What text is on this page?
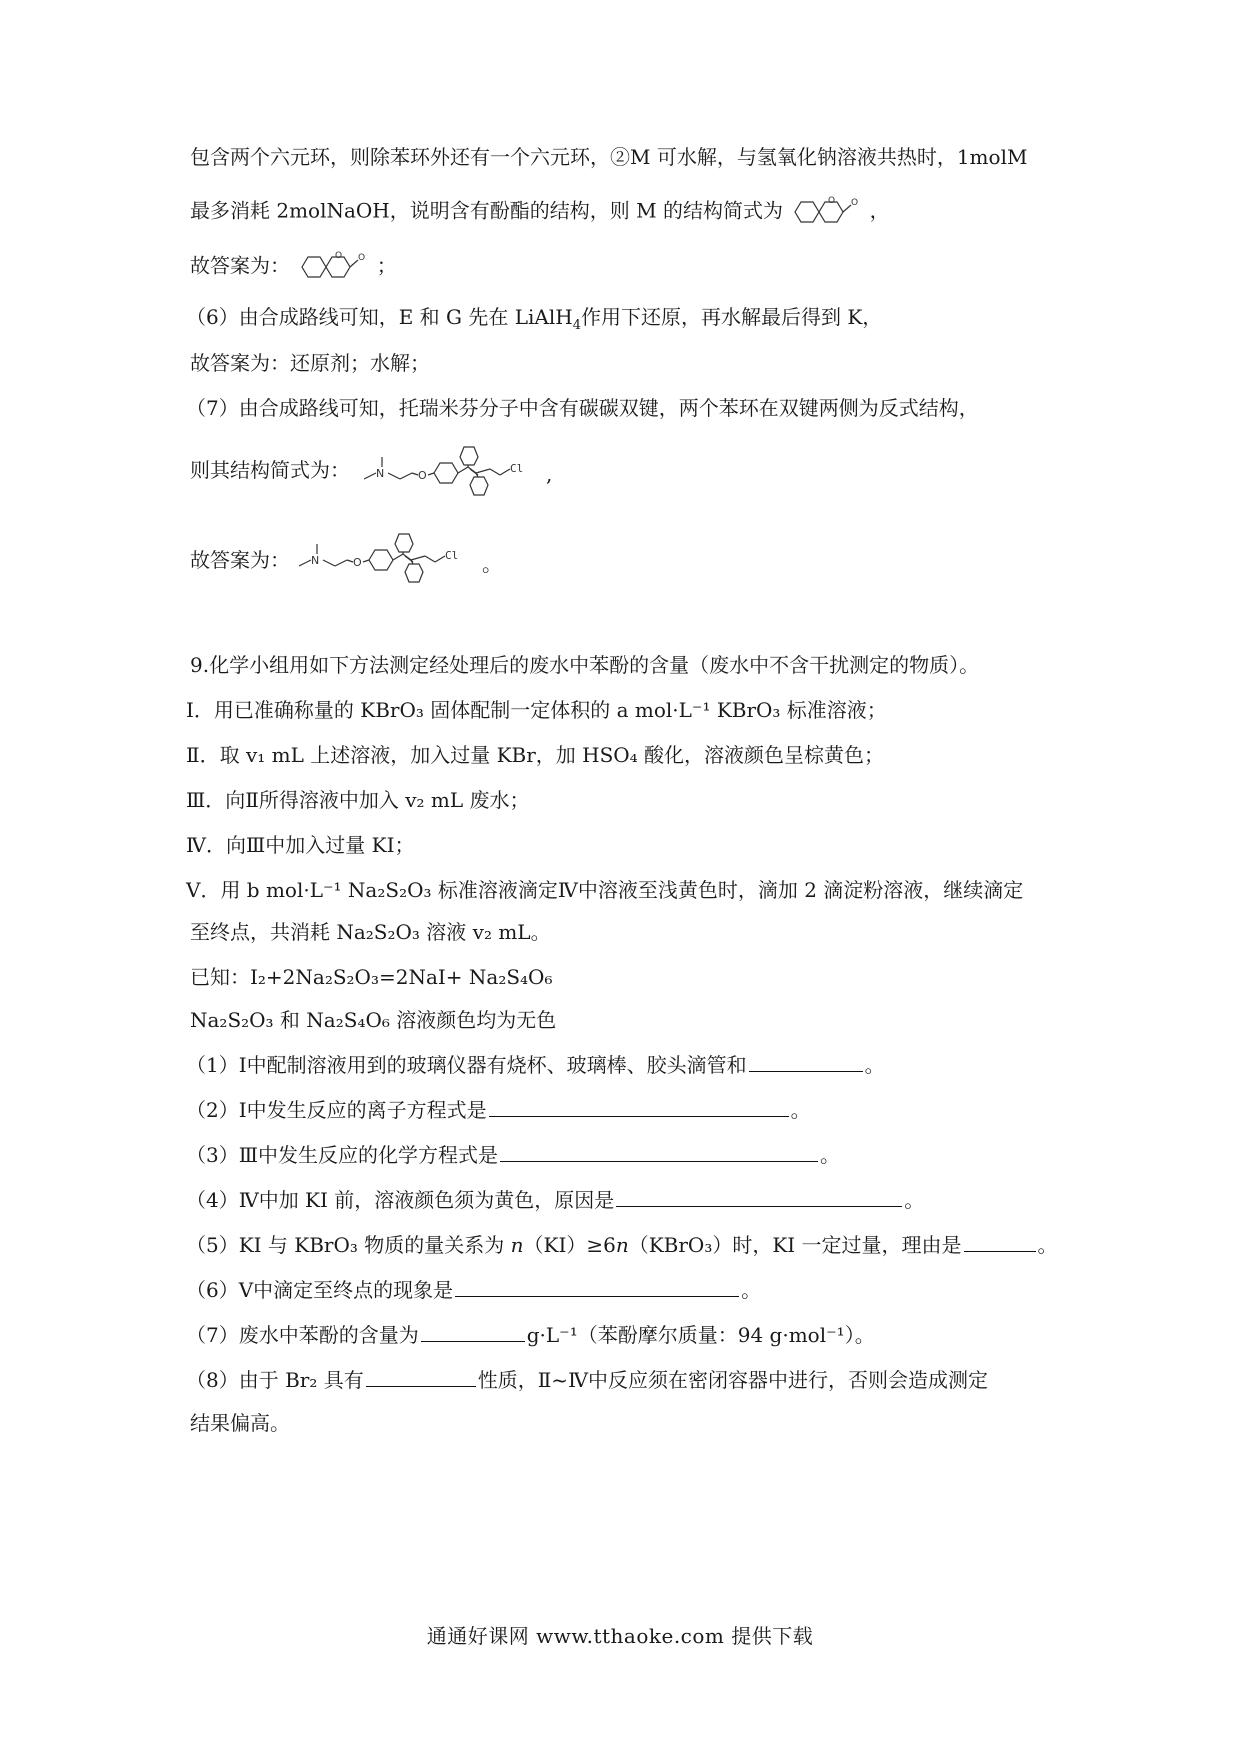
包含两个六元环，则除苯环外还有一个六元环，②M 可水解，与氢氧化钠溶液共热时，1molM
最多消耗 2molNaOH，说明含有酚酯的结构，则 M 的结构简式为	O O ，
故答案为：	O O ；
（6）由合成路线可知，E 和 G 先在 LiAlH$_4$作用下还原，再水解最后得到 K，
故答案为：还原剂；水解；
（7）由合成路线可知，托瑞米芬分子中含有碳碳双键，两个苯环在双键两侧为反式结构，
则其结构简式为：	N	O
Cl ,
故答案为：	N	O
Cl 。
9.化学小组用如下方法测定经处理后的废水中苯酚的含量（废水中不含干扰测定的物质）。
Ⅰ．用已准确称量的 KBrO₃ 固体配制一定体积的 a mol·L⁻¹ KBrO₃ 标准溶液；
Ⅱ．取 v₁ mL 上述溶液，加入过量 KBr，加 HSO₄ 酸化，溶液颜色呈棕黄色；
Ⅲ．向Ⅱ所得溶液中加入 v₂ mL 废水；
Ⅳ．向Ⅲ中加入过量 KI；
Ⅴ．用 b mol·L⁻¹ Na₂S₂O₃ 标准溶液滴定Ⅳ中溶液至浅黄色时，滴加 2 滴淀粉溶液，继续滴定
至终点，共消耗 Na₂S₂O₃ 溶液 v₂ mL。
已知：I₂+2Na₂S₂O₃=2NaI+ Na₂S₄O₆
Na₂S₂O₃ 和 Na₂S₄O₆ 溶液颜色均为无色
（1）Ⅰ中配制溶液用到的玻璃仪器有烧杯、玻璃棒、胶头滴管和	。
（2）Ⅰ中发生反应的离子方程式是	。
（3）Ⅲ中发生反应的化学方程式是	。
（4）Ⅳ中加 KI 前，溶液颜色须为黄色，原因是	。
（5）KI 与 KBrO₃ 物质的量关系为 n（KI）≥6n（KBrO₃）时，KI 一定过量，理由是	。
（6）Ⅴ中滴定至终点的现象是	。
（7）废水中苯酚的含量为	g·L⁻¹（苯酚摩尔质量：94 g·mol⁻¹）。
（8）由于 Br₂ 具有	性质，Ⅱ~Ⅳ中反应须在密闭容器中进行，否则会造成测定
结果偏高。
通通好课网 www.tthaoke.com 提供下载
